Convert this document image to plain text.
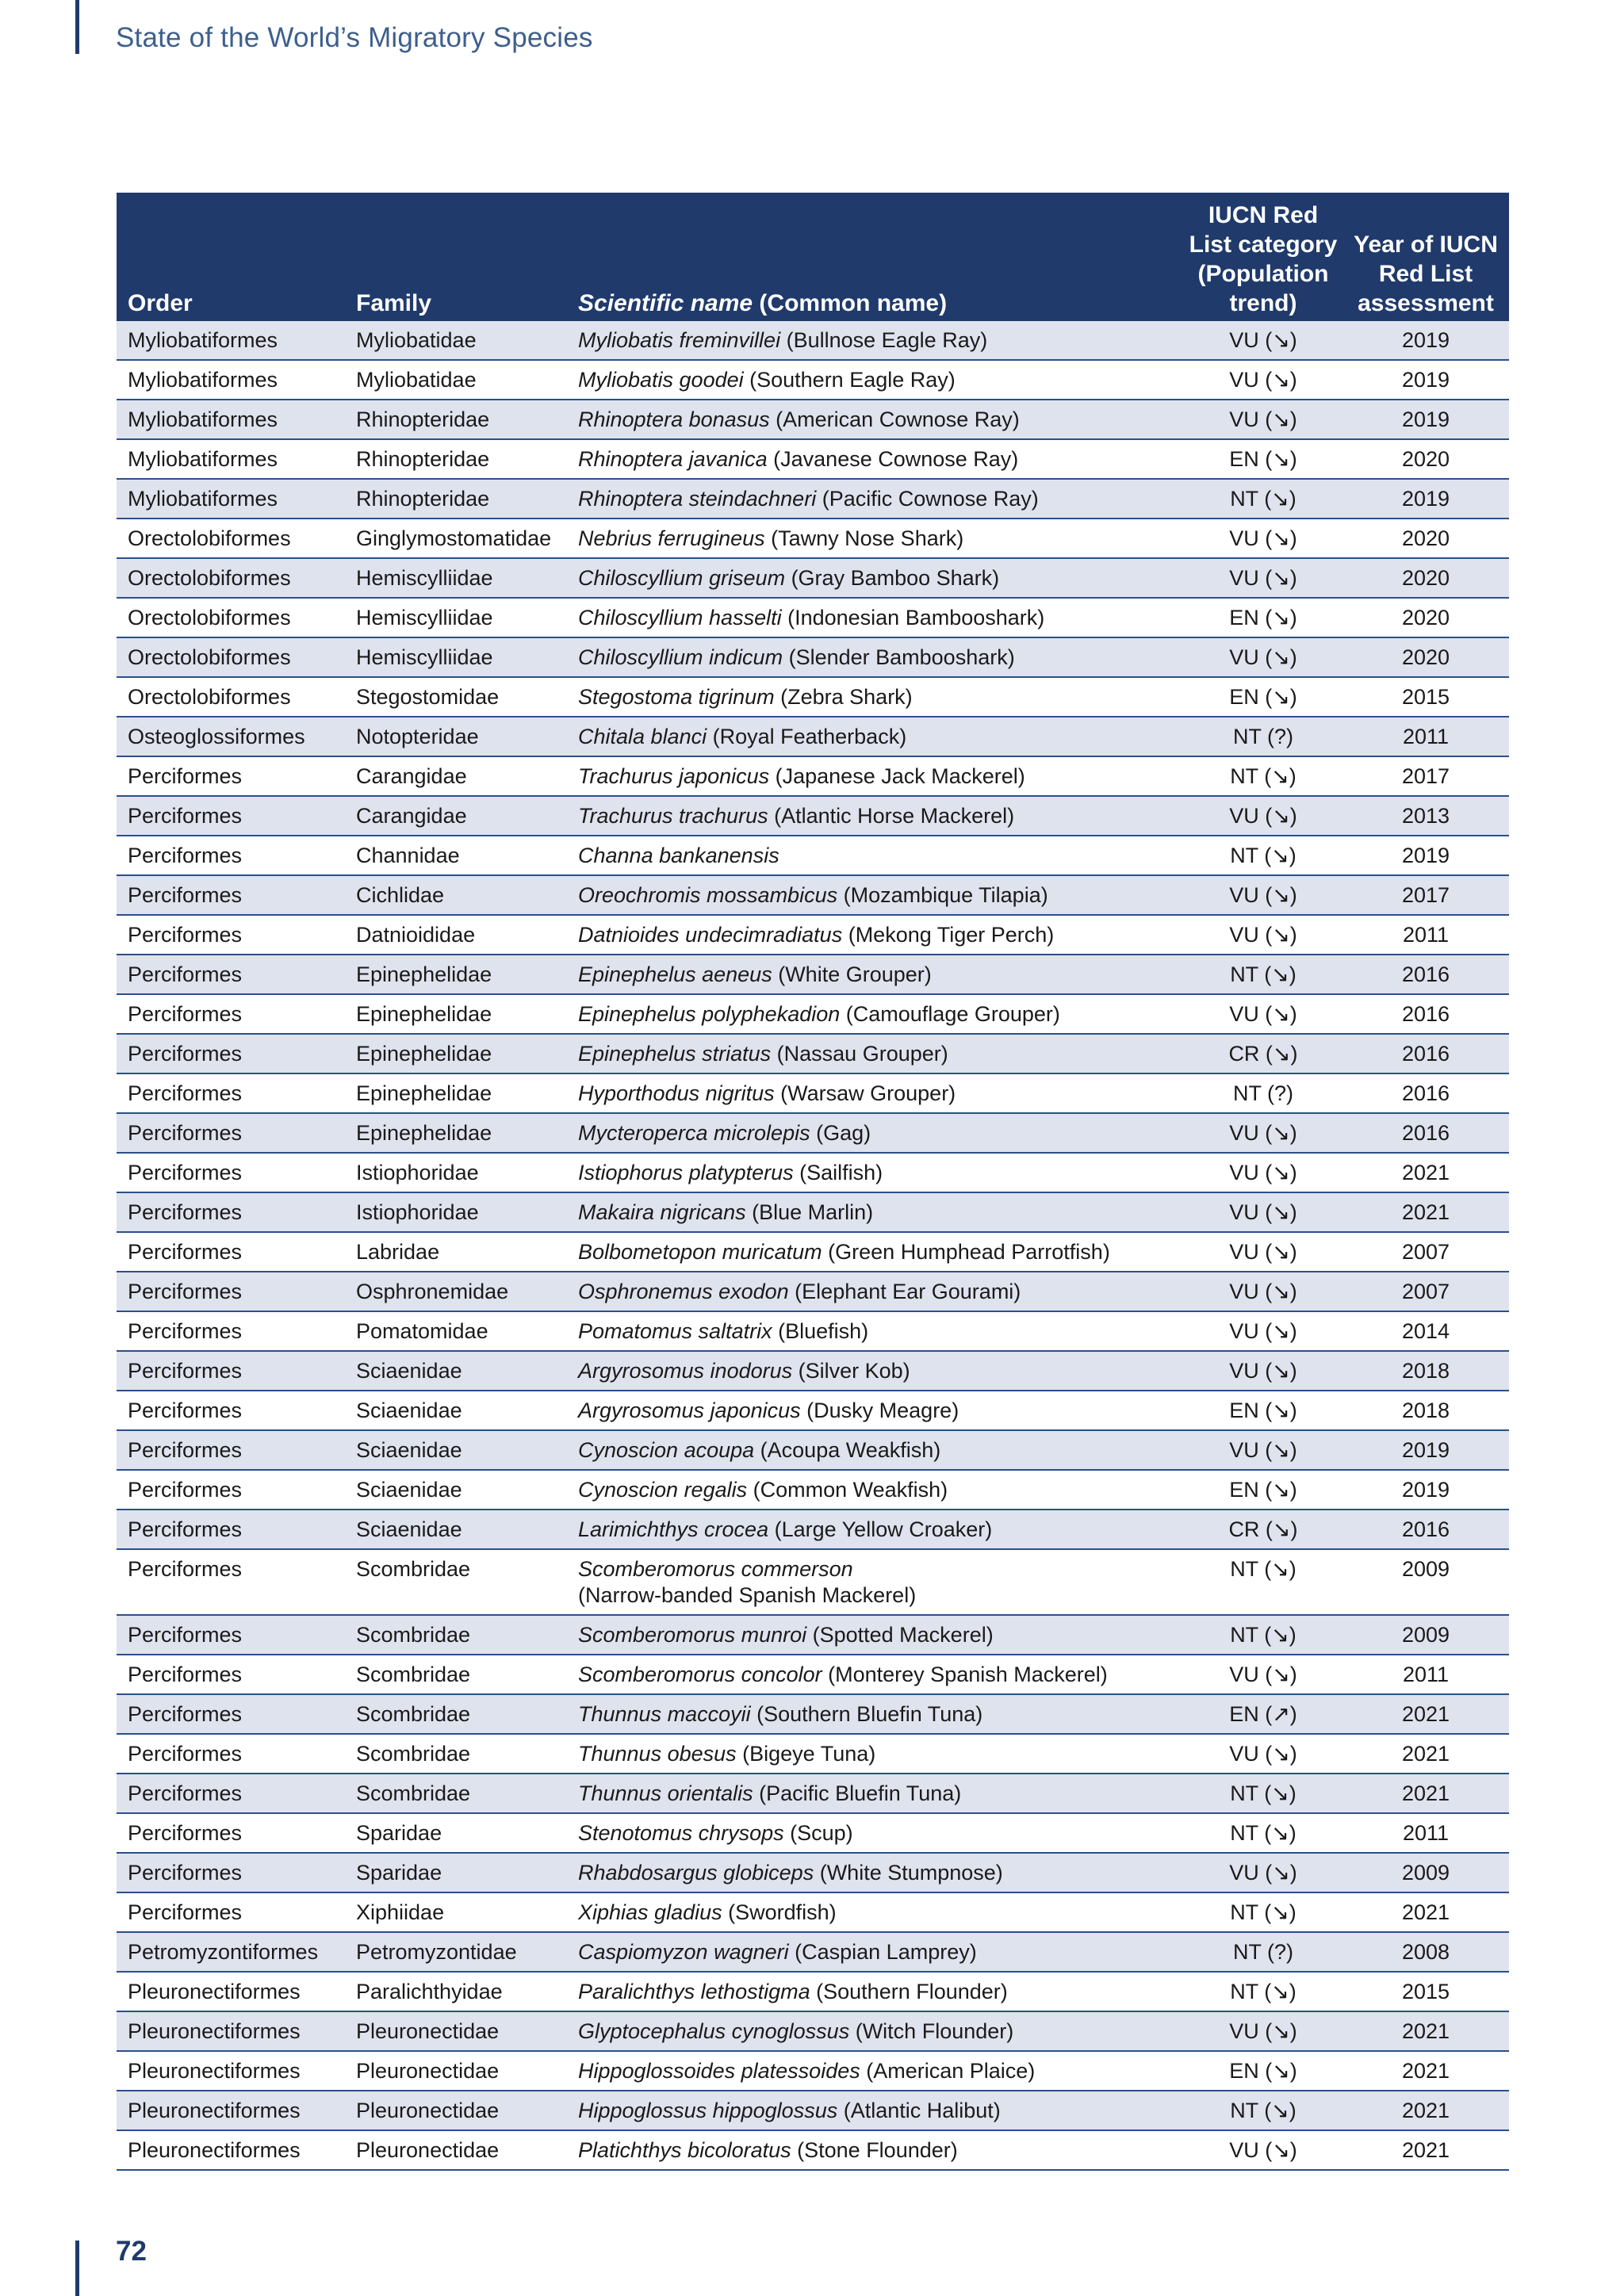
State of the World’s Migratory Species
Order	Family	Scientific name (Common name)	IUCN Red
List category
(Population
trend)	Year of IUCN
Red List
assessment
Myliobatiformes	Myliobatidae	Myliobatis freminvillei (Bullnose Eagle Ray)	VU (↘)	2019
Myliobatiformes	Myliobatidae	Myliobatis goodei (Southern Eagle Ray)	VU (↘)	2019
Myliobatiformes	Rhinopteridae	Rhinoptera bonasus (American Cownose Ray)	VU (↘)	2019
Myliobatiformes	Rhinopteridae	Rhinoptera javanica (Javanese Cownose Ray)	EN (↘)	2020
Myliobatiformes	Rhinopteridae	Rhinoptera steindachneri (Pacific Cownose Ray)	NT (↘)	2019
Orectolobiformes	Ginglymostomatidae	Nebrius ferrugineus (Tawny Nose Shark)	VU (↘)	2020
Orectolobiformes	Hemiscylliidae	Chiloscyllium griseum (Gray Bamboo Shark)	VU (↘)	2020
Orectolobiformes	Hemiscylliidae	Chiloscyllium hasselti (Indonesian Bambooshark)	EN (↘)	2020
Orectolobiformes	Hemiscylliidae	Chiloscyllium indicum (Slender Bambooshark)	VU (↘)	2020
Orectolobiformes	Stegostomidae	Stegostoma tigrinum (Zebra Shark)	EN (↘)	2015
Osteoglossiformes	Notopteridae	Chitala blanci (Royal Featherback)	NT (?)	2011
Perciformes	Carangidae	Trachurus japonicus (Japanese Jack Mackerel)	NT (↘)	2017
Perciformes	Carangidae	Trachurus trachurus (Atlantic Horse Mackerel)	VU (↘)	2013
Perciformes	Channidae	Channa bankanensis	NT (↘)	2019
Perciformes	Cichlidae	Oreochromis mossambicus (Mozambique Tilapia)	VU (↘)	2017
Perciformes	Datnioididae	Datnioides undecimradiatus (Mekong Tiger Perch)	VU (↘)	2011
Perciformes	Epinephelidae	Epinephelus aeneus (White Grouper)	NT (↘)	2016
Perciformes	Epinephelidae	Epinephelus polyphekadion (Camouflage Grouper)	VU (↘)	2016
Perciformes	Epinephelidae	Epinephelus striatus (Nassau Grouper)	CR (↘)	2016
Perciformes	Epinephelidae	Hyporthodus nigritus (Warsaw Grouper)	NT (?)	2016
Perciformes	Epinephelidae	Mycteroperca microlepis (Gag)	VU (↘)	2016
Perciformes	Istiophoridae	Istiophorus platypterus (Sailfish)	VU (↘)	2021
Perciformes	Istiophoridae	Makaira nigricans (Blue Marlin)	VU (↘)	2021
Perciformes	Labridae	Bolbometopon muricatum (Green Humphead Parrotfish)	VU (↘)	2007
Perciformes	Osphronemidae	Osphronemus exodon (Elephant Ear Gourami)	VU (↘)	2007
Perciformes	Pomatomidae	Pomatomus saltatrix (Bluefish)	VU (↘)	2014
Perciformes	Sciaenidae	Argyrosomus inodorus (Silver Kob)	VU (↘)	2018
Perciformes	Sciaenidae	Argyrosomus japonicus (Dusky Meagre)	EN (↘)	2018
Perciformes	Sciaenidae	Cynoscion acoupa (Acoupa Weakfish)	VU (↘)	2019
Perciformes	Sciaenidae	Cynoscion regalis (Common Weakfish)	EN (↘)	2019
Perciformes	Sciaenidae	Larimichthys crocea (Large Yellow Croaker)	CR (↘)	2016
Perciformes	Scombridae	Scomberomorus commerson
(Narrow-banded Spanish Mackerel)	NT (↘)	2009
Perciformes	Scombridae	Scomberomorus munroi (Spotted Mackerel)	NT (↘)	2009
Perciformes	Scombridae	Scomberomorus concolor (Monterey Spanish Mackerel)	VU (↘)	2011
Perciformes	Scombridae	Thunnus maccoyii (Southern Bluefin Tuna)	EN (↗)	2021
Perciformes	Scombridae	Thunnus obesus (Bigeye Tuna)	VU (↘)	2021
Perciformes	Scombridae	Thunnus orientalis (Pacific Bluefin Tuna)	NT (↘)	2021
Perciformes	Sparidae	Stenotomus chrysops (Scup)	NT (↘)	2011
Perciformes	Sparidae	Rhabdosargus globiceps (White Stumpnose)	VU (↘)	2009
Perciformes	Xiphiidae	Xiphias gladius (Swordfish)	NT (↘)	2021
Petromyzontiformes	Petromyzontidae	Caspiomyzon wagneri (Caspian Lamprey)	NT (?)	2008
Pleuronectiformes	Paralichthyidae	Paralichthys lethostigma (Southern Flounder)	NT (↘)	2015
Pleuronectiformes	Pleuronectidae	Glyptocephalus cynoglossus (Witch Flounder)	VU (↘)	2021
Pleuronectiformes	Pleuronectidae	Hippoglossoides platessoides (American Plaice)	EN (↘)	2021
Pleuronectiformes	Pleuronectidae	Hippoglossus hippoglossus (Atlantic Halibut)	NT (↘)	2021
Pleuronectiformes	Pleuronectidae	Platichthys bicoloratus (Stone Flounder)	VU (↘)	2021
72
